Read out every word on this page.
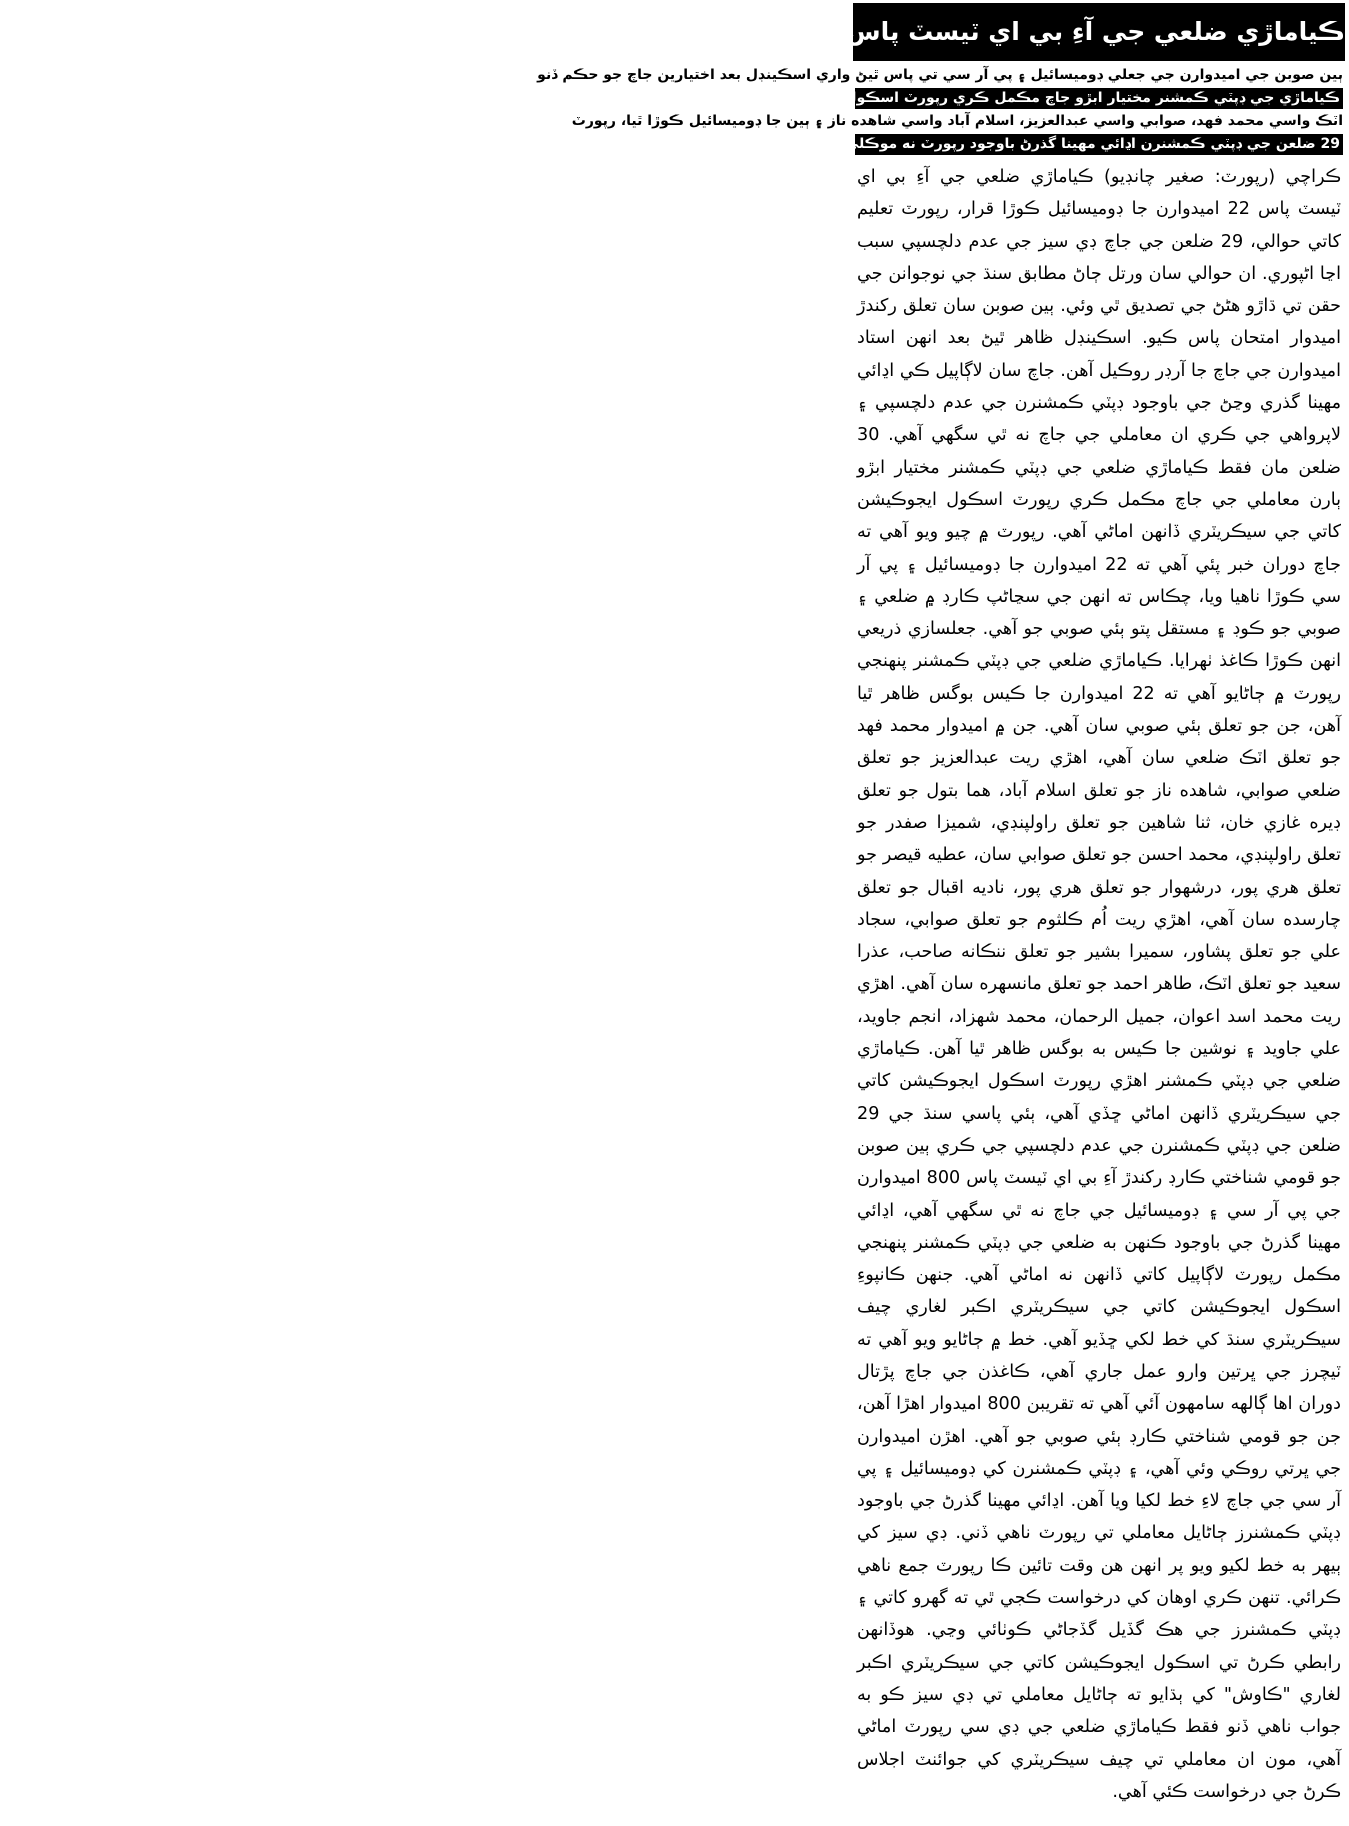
ڪياماڙي ضلعي جي آءِ بي اي ٽيسٽ پاس 22 اميدوارن جا ڊوميسائيل ڪوڙا قرار، 29 ضلعن جي جاچ اڃا اڻپوري
ٻين صوبن جي اميدوارن جي جعلي ڊوميسائيل ۽ پي آر سي تي پاس ٿيڻ واري اسڪينڊل بعد اختيارين جاچ جو حڪم ڏنو
ڪياماڙي جي ڊپٽي ڪمشنر مختيار ابڙو جاچ مڪمل ڪري رپورٽ اسڪول ايجوڪيشن کاتي جي سيڪريٽري کي موڪلي ڇڏي
اٽڪ واسي محمد فهد، صوابي واسي عبدالعزيز، اسلام آباد واسي شاهده ناز ۽ ٻين جا ڊوميسائيل ڪوڙا ٿيا، رپورٽ
29 ضلعن جي ڊپٽي ڪمشنرن اڍائي مهينا گذرڻ باوجود رپورٽ نه موڪلي، ماسرن کي ڊي سي ايز کي جواب ڏيڻ لاءِ خط
ڪراچي (رپورٽ: صغير چانڊيو) ڪياماڙي ضلعي جي آءِ بي اي ٽيسٽ پاس 22 اميدوارن جا ڊوميسائيل ڪوڙا قرار، رپورٽ تعليم کاتي حوالي، 29 ضلعن جي جاچ ڊي سيز جي عدم دلچسپي سبب اڃا اڻپوري. ان حوالي سان ورتل ڄاڻ مطابق سنڌ جي نوجوانن جي حقن تي ڌاڙو هڻڻ جي تصديق ٿي وئي. ٻين صوبن سان تعلق رکندڙ اميدوار امتحان پاس ڪيو. اسڪينڊل ظاهر ٿيڻ بعد انهن استاد اميدوارن جي جاچ جا آرڊر روڪيل آهن. جاچ سان لاڳاپيل ڪي اڍائي مهينا گذري وڃڻ جي باوجود ڊپٽي ڪمشنرن جي عدم دلچسپي ۽ لاپرواهي جي ڪري ان معاملي جي جاچ نه ٿي سگهي آهي. 30 ضلعن مان فقط ڪياماڙي ضلعي جي ڊپٽي ڪمشنر مختيار ابڙو ٻارن معاملي جي جاچ مڪمل ڪري رپورٽ اسڪول ايجوڪيشن کاتي جي سيڪريٽري ڏانهن اماڻي آهي. رپورٽ ۾ چيو ويو آهي ته جاچ دوران خبر پئي آهي ته 22 اميدوارن جا ڊوميسائيل ۽ پي آر سي ڪوڙا ناهيا ويا، چڪاس ته انهن جي سڃاڻپ ڪارڊ ۾ ضلعي ۽ صوبي جو ڪوڊ ۽ مستقل پتو ٻئي صوبي جو آهي. جعلسازي ذريعي انهن ڪوڙا ڪاغذ ٺهرايا. ڪياماڙي ضلعي جي ڊپٽي ڪمشنر پنهنجي رپورٽ ۾ ڄاڻايو آهي ته 22 اميدوارن جا ڪيس بوگس ظاهر ٿيا آهن، جن جو تعلق ٻئي صوبي سان آهي. جن ۾ اميدوار محمد فهد جو تعلق اٽڪ ضلعي سان آهي، اهڙي ريت عبدالعزيز جو تعلق ضلعي صوابي، شاهده ناز جو تعلق اسلام آباد، هما بتول جو تعلق ڊيره غازي خان، ثنا شاهين جو تعلق راولپنڊي، شميزا صفدر جو تعلق راولپنڊي، محمد احسن جو تعلق صوابي سان، عطيه قيصر جو تعلق هري پور، درشهوار جو تعلق هري پور، ناديه اقبال جو تعلق چارسده سان آهي، اهڙي ريت اُم ڪلثوم جو تعلق صوابي، سجاد علي جو تعلق پشاور، سميرا بشير جو تعلق ننڪانه صاحب، عذرا سعيد جو تعلق اٽڪ، طاهر احمد جو تعلق مانسهره سان آهي. اهڙي ريت محمد اسد اعوان، جميل الرحمان، محمد شهزاد، انجم جاويد، علي جاويد ۽ نوشين جا ڪيس به بوگس ظاهر ٿيا آهن. ڪياماڙي ضلعي جي ڊپٽي ڪمشنر اهڙي رپورٽ اسڪول ايجوڪيشن کاتي جي سيڪريٽري ڏانهن اماڻي ڇڏي آهي، ٻئي پاسي سنڌ جي 29 ضلعن جي ڊپٽي ڪمشنرن جي عدم دلچسپي جي ڪري ٻين صوبن جو قومي شناختي ڪارڊ رکندڙ آءِ بي اي ٽيسٽ پاس 800 اميدوارن جي پي آر سي ۽ ڊوميسائيل جي جاچ نه ٿي سگهي آهي، اڍائي مهينا گذرڻ جي باوجود ڪنهن به ضلعي جي ڊپٽي ڪمشنر پنهنجي مڪمل رپورٽ لاڳاپيل کاتي ڏانهن نه اماڻي آهي. جنهن ڪانپوءِ اسڪول ايجوڪيشن کاتي جي سيڪريٽري اڪبر لغاري چيف سيڪريٽري سنڌ کي خط لکي ڇڏيو آهي. خط ۾ ڄاڻايو ويو آهي ته ٽيچرز جي ڀرتين وارو عمل جاري آهي، ڪاغذن جي جاچ پڙتال دوران اها ڳالهه سامهون آئي آهي ته تقريبن 800 اميدوار اهڙا آهن، جن جو قومي شناختي ڪارڊ ٻئي صوبي جو آهي. اهڙن اميدوارن جي ڀرتي روڪي وئي آهي، ۽ ڊپٽي ڪمشنرن کي ڊوميسائيل ۽ پي آر سي جي جاچ لاءِ خط لکيا ويا آهن. اڍائي مهينا گذرڻ جي باوجود ڊپٽي ڪمشنرز ڄاڻايل معاملي تي رپورٽ ناهي ڏني. ڊي سيز کي ٻيهر به خط لکيو ويو پر انهن هن وقت تائين ڪا رپورٽ جمع ناهي ڪرائي. تنهن ڪري اوهان کي درخواست ڪجي ٿي ته گهرو کاتي ۽ ڊپٽي ڪمشنرز جي هڪ گڏيل گڏجاڻي ڪوٺائي وڃي. هوڏانهن رابطي ڪرڻ تي اسڪول ايجوڪيشن کاتي جي سيڪريٽري اڪبر لغاري "ڪاوش" کي ٻڌايو ته ڄاڻايل معاملي تي ڊي سيز ڪو به جواب ناهي ڏنو فقط ڪياماڙي ضلعي جي ڊي سي رپورٽ اماڻي آهي، مون ان معاملي تي چيف سيڪريٽري کي جوائنٽ اجلاس ڪرڻ جي درخواست ڪئي آهي.
